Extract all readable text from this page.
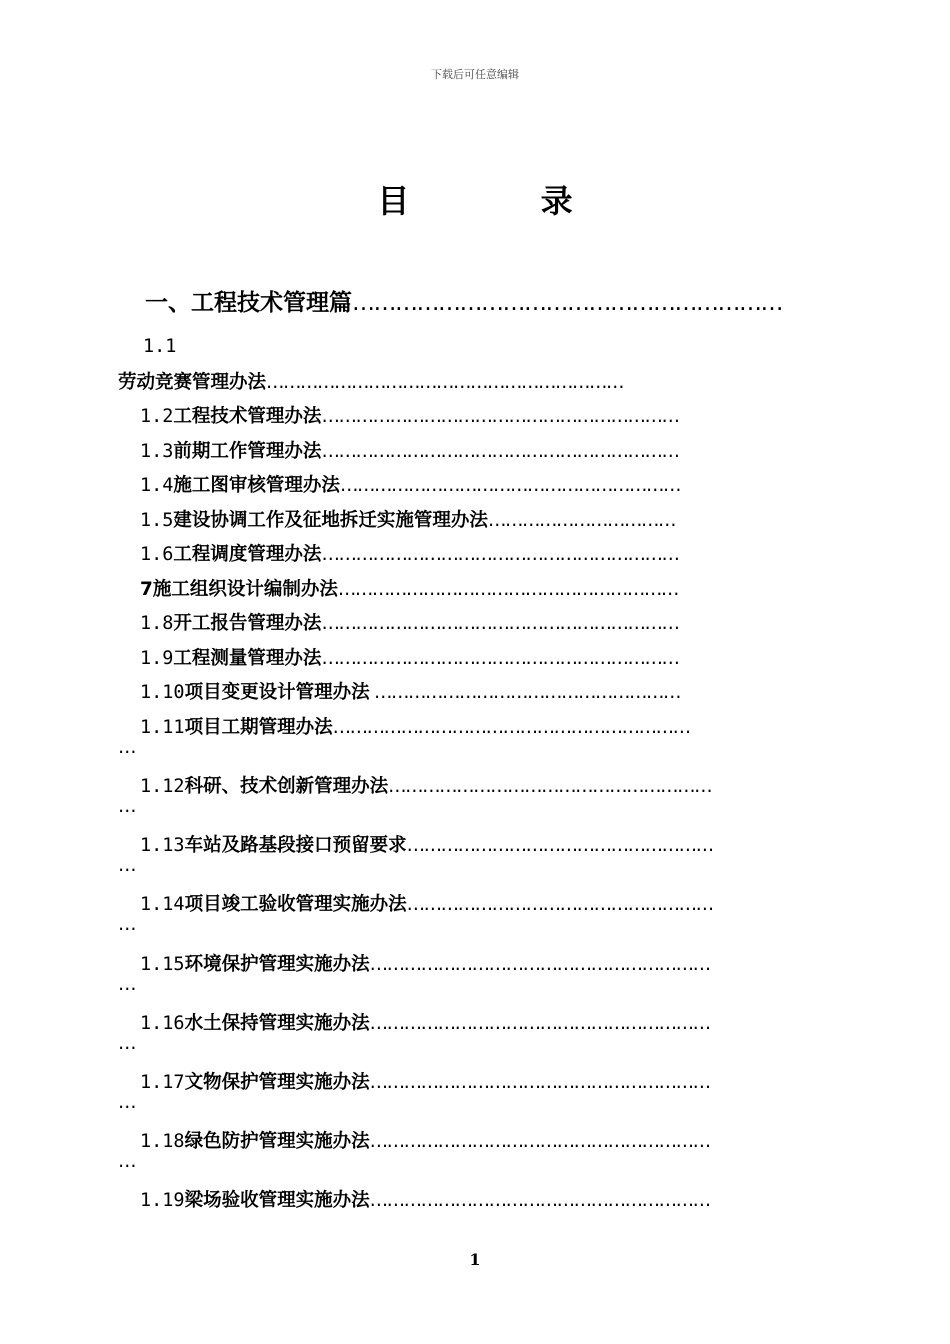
下载后可任意编辑
目 录
一、工程技术管理篇……………………………………………………
1.1
劳动竞赛管理办法………………………………………………………
1.2工程技术管理办法………………………………………………………
1.3前期工作管理办法………………………………………………………
1.4施工图审核管理办法……………………………………………………
1.5建设协调工作及征地拆迁实施管理办法……………………………
1.6工程调度管理办法………………………………………………………
7施工组织设计编制办法……………………………………………………
1.8开工报告管理办法………………………………………………………
1.9工程测量管理办法………………………………………………………
1.10项目变更设计管理办法 ………………………………………………
1.11项目工期管理办法………………………………………………………
…
1.12科研、技术创新管理办法…………………………………………………
…
1.13车站及路基段接口预留要求………………………………………………
…
1.14项目竣工验收管理实施办法………………………………………………
…
1.15环境保护管理实施办法……………………………………………………
…
1.16水土保持管理实施办法……………………………………………………
…
1.17文物保护管理实施办法……………………………………………………
…
1.18绿色防护管理实施办法……………………………………………………
…
1.19梁场验收管理实施办法……………………………………………………
1
